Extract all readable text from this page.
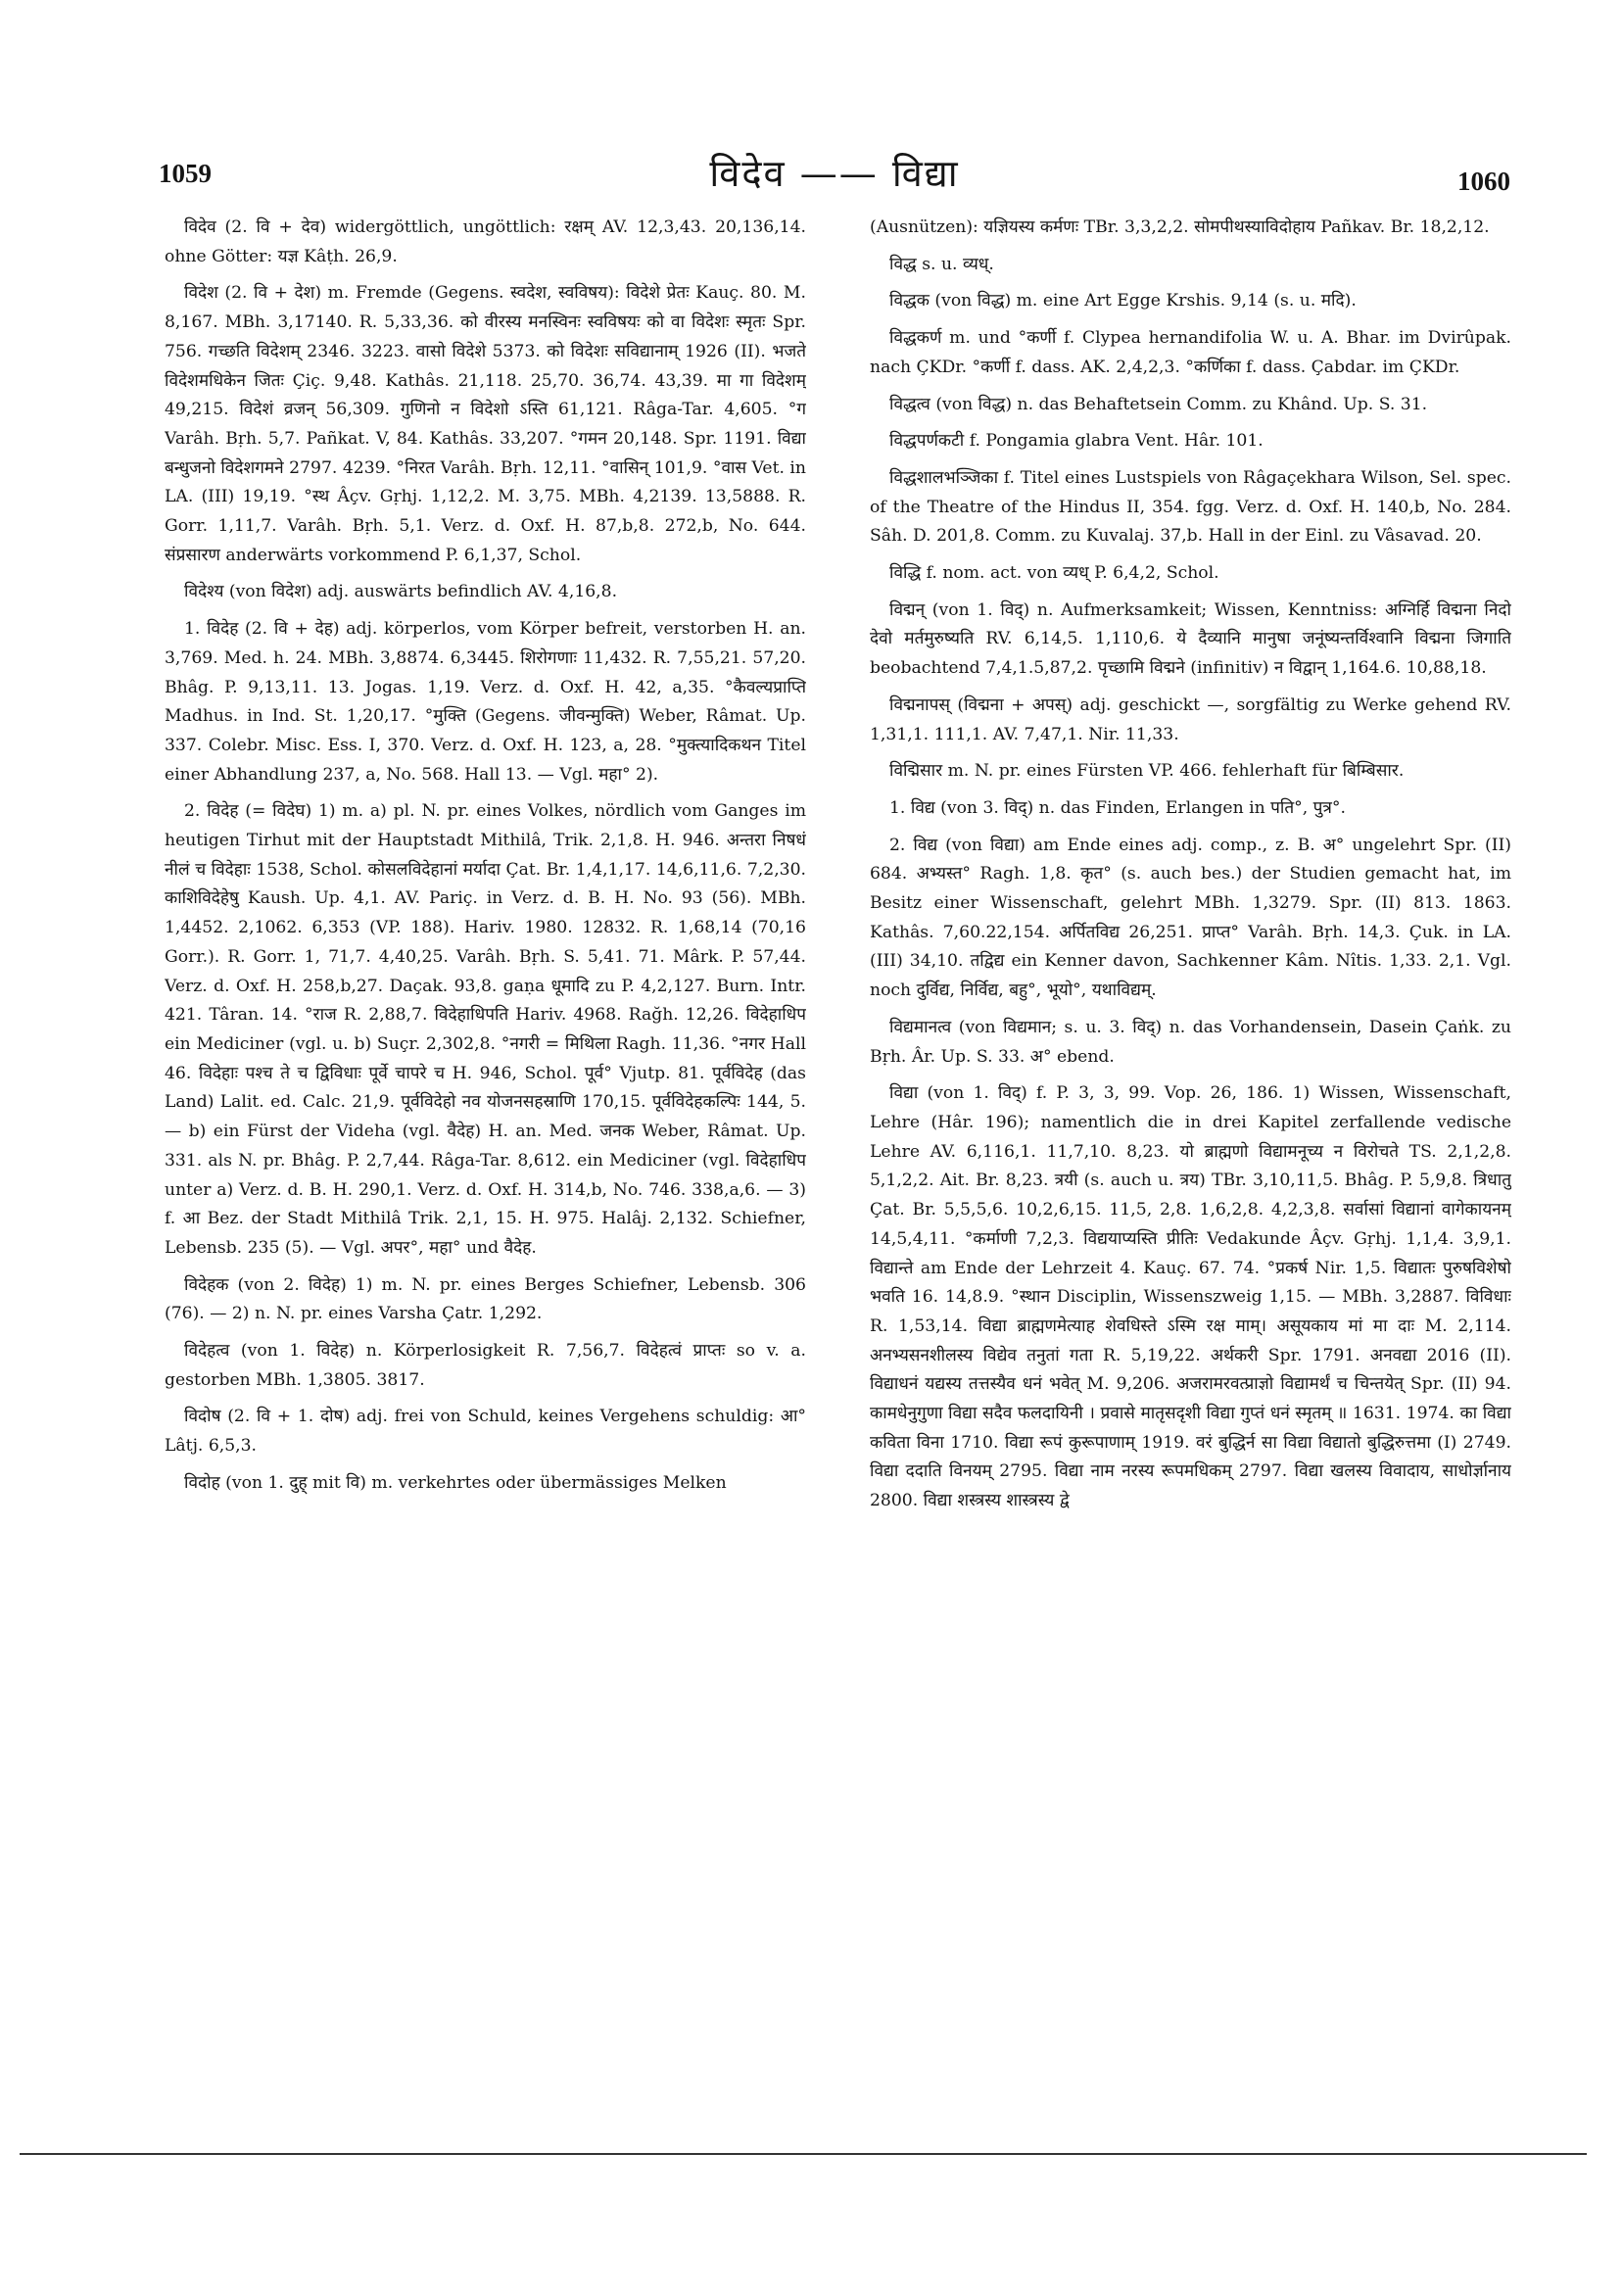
1059	विदेव —— विद्या	1060

विदेव (2. वि + देव) widergöttlich, ungöttlich: रक्षम् AV. 12,3,43. 20,136,14. ohne Götter: यज्ञ Kâṭh. 26,9.

विदेश (2. वि + देश) m. Fremde (Gegens. स्वदेश, स्वविषय): विदेशे प्रेतः Kauç. 80. M. 8,167. MBh. 3,17140. R. 5,33,36. को वीरस्य मनस्विनः स्वविषयः को वा विदेशः स्मृतः Spr. 756. गच्छति विदेशम् 2346. 3223. वासो विदेशे 5373. को विदेशः सविद्यानाम् 1926 (II). भजते विदेशमधिकेन जितः Çiç. 9,48. Kathâs. 21,118. 25,70. 36,74. 43,39. मा गा विदेशम् 49,215. विदेशं व्रजन् 56,309. गुणिनो न विदेशो ऽस्ति 61,121. Râga-Tar. 4,605. °ग Varâh. Bṛh. 5,7. Pañkat. V, 84. Kathâs. 33,207. °गमन 20,148. Spr. 1191. विद्या बन्धुजनो विदेशगमने 2797. 4239. °निरत Varâh. Bṛh. 12,11. °वासिन् 101,9. °वास Vet. in LA. (III) 19,19. °स्थ Âçv. Gṛhj. 1,12,2. M. 3,75. MBh. 4,2139. 13,5888. R. Gorr. 1,11,7. Varâh. Bṛh. 5,1. Verz. d. Oxf. H. 87,b,8. 272,b, No. 644. संप्रसारण anderwärts vorkommend P. 6,1,37, Schol.

विदेश्य (von विदेश) adj. auswärts befindlich AV. 4,16,8.

1. विदेह (2. वि + देह) adj. körperlos, vom Körper befreit, verstorben H. an. 3,769. Med. h. 24. MBh. 3,8874. 6,3445. शिरोगणाः 11,432. R. 7,55,21. 57,20. Bhâg. P. 9,13,11. 13. Jogas. 1,19. Verz. d. Oxf. H. 42, a,35. °कैवल्यप्राप्ति Madhus. in Ind. St. 1,20,17. °मुक्ति (Gegens. जीवन्मुक्ति) Weber, Râmat. Up. 337. Colebr. Misc. Ess. I, 370. Verz. d. Oxf. H. 123, a, 28. °मुक्त्यादिकथन Titel einer Abhandlung 237, a, No. 568. Hall 13. — Vgl. महा° 2).

2. विदेह (= विदेघ) 1) m. a) pl. N. pr. eines Volkes, nördlich vom Ganges im heutigen Tirhut mit der Hauptstadt Mithilâ, Trik. 2,1,8. H. 946. अन्तरा निषधं नीलं च विदेहाः 1538, Schol. कोसलविदेहानां मर्यादा Çat. Br. 1,4,1,17. 14,6,11,6. 7,2,30. काशिविदेहेषु Kaush. Up. 4,1. AV. Pariç. in Verz. d. B. H. No. 93 (56). MBh. 1,4452. 2,1062. 6,353 (VP. 188). Hariv. 1980. 12832. R. 1,68,14 (70,16 Gorr.). R. Gorr. 1, 71,7. 4,40,25. Varâh. Bṛh. S. 5,41. 71. Mârk. P. 57,44. Verz. d. Oxf. H. 258,b,27. Daçak. 93,8. gaṇa धूमादि zu P. 4,2,127. Burn. Intr. 421. Târan. 14. °राज R. 2,88,7. विदेहाधिपति Hariv. 4968. Rağh. 12,26. विदेहाधिप ein Mediciner (vgl. u. b) Suçr. 2,302,8. °नगरी = मिथिला Ragh. 11,36. °नगर Hall 46. विदेहाः पश्च ते च द्विविधाः पूर्वे चापरे च H. 946, Schol. पूर्व° Vjutp. 81. पूर्वविदेह (das Land) Lalit. ed. Calc. 21,9. पूर्वविदेहो नव योजनसहस्राणि 170,15. पूर्वविदेहकल्पिः 144, 5. — b) ein Fürst der Videha (vgl. वैदेह) H. an. Med. जनक Weber, Râmat. Up. 331. als N. pr. Bhâg. P. 2,7,44. Râga-Tar. 8,612. ein Mediciner (vgl. विदेहाधिप unter a) Verz. d. B. H. 290,1. Verz. d. Oxf. H. 314,b, No. 746. 338,a,6. — 3) f. आ Bez. der Stadt Mithilâ Trik. 2,1, 15. H. 975. Halâj. 2,132. Schiefner, Lebensb. 235 (5). — Vgl. अपर°, महा° und वैदेह.

विदेहक (von 2. विदेह) 1) m. N. pr. eines Berges Schiefner, Lebensb. 306 (76). — 2) n. N. pr. eines Varsha Çatr. 1,292.

विदेहत्व (von 1. विदेह) n. Körperlosigkeit R. 7,56,7. विदेहत्वं प्राप्तः so v. a. gestorben MBh. 1,3805. 3817.

विदोष (2. वि + 1. दोष) adj. frei von Schuld, keines Vergehens schuldig: आ° Lâtj. 6,5,3.

विदोह (von 1. दुह् mit वि) m. verkehrtes oder übermässiges Melken

(Ausnützen): यज्ञियस्य कर्मणः TBr. 3,3,2,2. सोमपीथस्याविदोहाय Pañkav. Br. 18,2,12.

विद्ध s. u. व्यध्.

विद्धक (von विद्ध) m. eine Art Egge Krshis. 9,14 (s. u. मदि).

विद्धकर्ण m. und °कर्णी f. Clypea hernandifolia W. u. A. Bhar. im Dvirûpak. nach ÇKDr. °कर्णी f. dass. AK. 2,4,2,3. °कर्णिका f. dass. Çabdar. im ÇKDr.

विद्धत्व (von विद्ध) n. das Behaftetsein Comm. zu Khând. Up. S. 31.

विद्धपर्णकटी f. Pongamia glabra Vent. Hâr. 101.

विद्धशालभञ्जिका f. Titel eines Lustspiels von Râgaçekhara Wilson, Sel. spec. of the Theatre of the Hindus II, 354. fgg. Verz. d. Oxf. H. 140,b, No. 284. Sâh. D. 201,8. Comm. zu Kuvalaj. 37,b. Hall in der Einl. zu Vâsavad. 20.

विद्धि f. nom. act. von व्यध् P. 6,4,2, Schol.

विद्मन् (von 1. विद्) n. Aufmerksamkeit; Wissen, Kenntniss: अग्निर्हि विद्मना निदो देवो मर्तमुरुष्यति RV. 6,14,5. 1,110,6. ये दैव्यानि मानुषा जनूंष्यन्तर्विश्वानि विद्मना जिगाति beobachtend 7,4,1.5,87,2. पृच्छामि विद्मने (infinitiv) न विद्वान् 1,164.6. 10,88,18.

विद्मनापस् (विद्मना + अपस्) adj. geschickt —, sorgfältig zu Werke gehend RV. 1,31,1. 111,1. AV. 7,47,1. Nir. 11,33.

विद्मिसार m. N. pr. eines Fürsten VP. 466. fehlerhaft für बिम्बिसार.

1. विद्य (von 3. विद्) n. das Finden, Erlangen in पति°, पुत्र°.

2. विद्य (von विद्या) am Ende eines adj. comp., z. B. अ° ungelehrt Spr. (II) 684. अभ्यस्त° Ragh. 1,8. कृत° (s. auch bes.) der Studien gemacht hat, im Besitz einer Wissenschaft, gelehrt MBh. 1,3279. Spr. (II) 813. 1863. Kathâs. 7,60.22,154. अर्पितविद्य 26,251. प्राप्त° Varâh. Bṛh. 14,3. Çuk. in LA. (III) 34,10. तद्विद्य ein Kenner davon, Sachkenner Kâm. Nîtis. 1,33. 2,1. Vgl. noch दुर्विद्य, निर्विद्य, बहु°, भूयो°, यथाविद्यम्.

विद्यमानत्व (von विद्यमान; s. u. 3. विद्) n. das Vorhandensein, Dasein Çaṅk. zu Bṛh. Âr. Up. S. 33. अ° ebend.

विद्या (von 1. विद्) f. P. 3, 3, 99. Vop. 26, 186. 1) Wissen, Wissenschaft, Lehre (Hâr. 196); namentlich die in drei Kapitel zerfallende vedische Lehre AV. 6,116,1. 11,7,10. 8,23. यो ब्राह्मणो विद्यामनूच्य न विरोचते TS. 2,1,2,8. 5,1,2,2. Ait. Br. 8,23. त्रयी (s. auch u. त्रय) TBr. 3,10,11,5. Bhâg. P. 5,9,8. त्रिधातु Çat. Br. 5,5,5,6. 10,2,6,15. 11,5, 2,8. 1,6,2,8. 4,2,3,8. सर्वासां विद्यानां वागेकायनम् 14,5,4,11. °कर्माणी 7,2,3. विद्ययाप्यस्ति प्रीतिः Vedakunde Âçv. Gṛhj. 1,1,4. 3,9,1. विद्यान्ते am Ende der Lehrzeit 4. Kauç. 67. 74. °प्रकर्ष Nir. 1,5. विद्यातः पुरुषविशेषो भवति 16. 14,8.9. °स्थान Disciplin, Wissenszweig 1,15. — MBh. 3,2887. विविधाः R. 1,53,14. विद्या ब्राह्मणमेत्याह शेवधिस्ते ऽस्मि रक्ष माम्। असूयकाय मां मा दाः M. 2,114. अनभ्यसनशीलस्य विद्येव तनुतां गता R. 5,19,22. अर्थकरी Spr. 1791. अनवद्या 2016 (II). विद्याधनं यद्यस्य तत्तस्यैव धनं भवेत् M. 9,206. अजरामरवत्प्राज्ञो विद्यामर्थं च चिन्तयेत् Spr. (II) 94. कामधेनुगुणा विद्या सदैव फलदायिनी । प्रवासे मातृसदृशी विद्या गुप्तं धनं स्मृतम् ॥ 1631. 1974. का विद्या कविता विना 1710. विद्या रूपं कुरूपाणाम् 1919. वरं बुद्धिर्न सा विद्या विद्यातो बुद्धिरुत्तमा (I) 2749. विद्या ददाति विनयम् 2795. विद्या नाम नरस्य रूपमधिकम् 2797. विद्या खलस्य विवादाय, साधोर्ज्ञानाय 2800. विद्या शस्त्रस्य शास्त्रस्य द्वे
